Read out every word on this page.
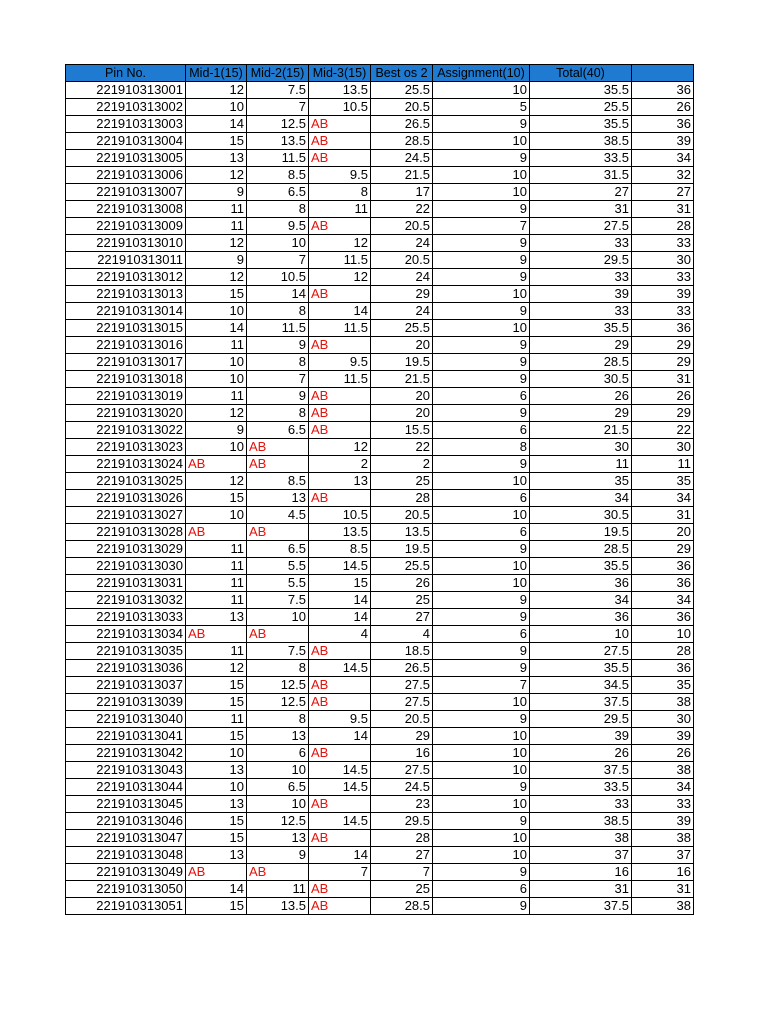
Pin No.	Mid-1(15)	Mid-2(15)	Mid-3(15)	Best os 2	Assignment(10)	Total(40)	
221910313001	12	7.5	13.5	25.5	10	35.5	36
221910313002	10	7	10.5	20.5	5	25.5	26
221910313003	14	12.5	AB	26.5	9	35.5	36
221910313004	15	13.5	AB	28.5	10	38.5	39
221910313005	13	11.5	AB	24.5	9	33.5	34
221910313006	12	8.5	9.5	21.5	10	31.5	32
221910313007	9	6.5	8	17	10	27	27
221910313008	11	8	11	22	9	31	31
221910313009	11	9.5	AB	20.5	7	27.5	28
221910313010	12	10	12	24	9	33	33
221910313011	9	7	11.5	20.5	9	29.5	30
221910313012	12	10.5	12	24	9	33	33
221910313013	15	14	AB	29	10	39	39
221910313014	10	8	14	24	9	33	33
221910313015	14	11.5	11.5	25.5	10	35.5	36
221910313016	11	9	AB	20	9	29	29
221910313017	10	8	9.5	19.5	9	28.5	29
221910313018	10	7	11.5	21.5	9	30.5	31
221910313019	11	9	AB	20	6	26	26
221910313020	12	8	AB	20	9	29	29
221910313022	9	6.5	AB	15.5	6	21.5	22
221910313023	10	AB	12	22	8	30	30
221910313024	AB	AB	2	2	9	11	11
221910313025	12	8.5	13	25	10	35	35
221910313026	15	13	AB	28	6	34	34
221910313027	10	4.5	10.5	20.5	10	30.5	31
221910313028	AB	AB	13.5	13.5	6	19.5	20
221910313029	11	6.5	8.5	19.5	9	28.5	29
221910313030	11	5.5	14.5	25.5	10	35.5	36
221910313031	11	5.5	15	26	10	36	36
221910313032	11	7.5	14	25	9	34	34
221910313033	13	10	14	27	9	36	36
221910313034	AB	AB	4	4	6	10	10
221910313035	11	7.5	AB	18.5	9	27.5	28
221910313036	12	8	14.5	26.5	9	35.5	36
221910313037	15	12.5	AB	27.5	7	34.5	35
221910313039	15	12.5	AB	27.5	10	37.5	38
221910313040	11	8	9.5	20.5	9	29.5	30
221910313041	15	13	14	29	10	39	39
221910313042	10	6	AB	16	10	26	26
221910313043	13	10	14.5	27.5	10	37.5	38
221910313044	10	6.5	14.5	24.5	9	33.5	34
221910313045	13	10	AB	23	10	33	33
221910313046	15	12.5	14.5	29.5	9	38.5	39
221910313047	15	13	AB	28	10	38	38
221910313048	13	9	14	27	10	37	37
221910313049	AB	AB	7	7	9	16	16
221910313050	14	11	AB	25	6	31	31
221910313051	15	13.5	AB	28.5	9	37.5	38
